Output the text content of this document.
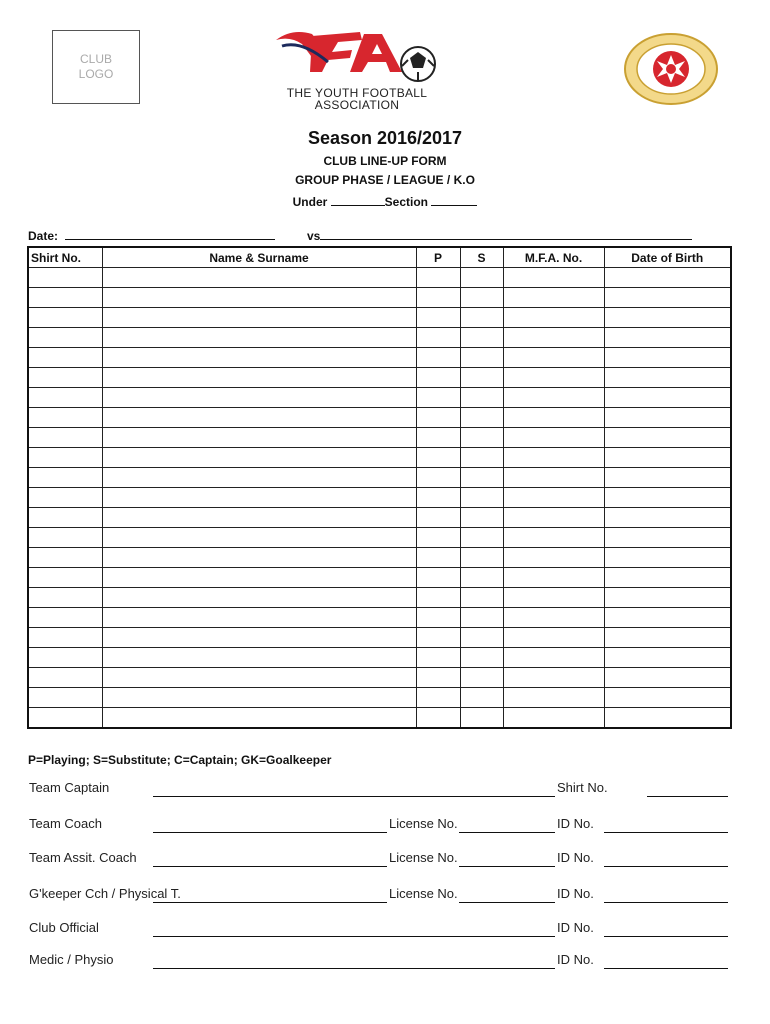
CLUB
LOGO
THE YOUTH FOOTBALL
ASSOCIATION
Season 2016/2017
CLUB LINE-UP FORM
GROUP PHASE / LEAGUE / K.O
Under	Section
Date:	vs
Shirt No.	Name & Surname	P	S	M.F.A. No.	Date of Birth

P=Playing; S=Substitute; C=Captain; GK=Goalkeeper
Team Captain	Shirt No.
Team Coach	License No.	ID No.
Team Assit. Coach	License No.	ID No.
G'keeper Cch / Physical T.	License No.	ID No.
Club Official	ID No.
Medic / Physio	ID No.
